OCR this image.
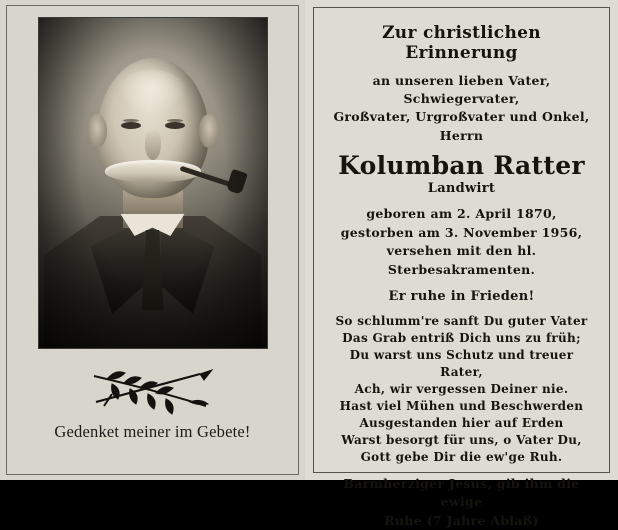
Gedenket meiner im Gebete!
Zur christlichen Erinnerung
an unseren lieben Vater, Schwiegervater,
Großvater, Urgroßvater und Onkel,
Herrn
Kolumban Ratter
Landwirt
geboren am 2. April 1870,
gestorben am 3. November 1956,
versehen mit den hl. Sterbesakramenten.
Er ruhe in Frieden!
So schlumm're sanft Du guter Vater
Das Grab entriß Dich uns zu früh;
Du warst uns Schutz und treuer Rater,
Ach, wir vergessen Deiner nie.
Hast viel Mühen und Beschwerden
Ausgestanden hier auf Erden
Warst besorgt für uns, o Vater Du,
Gott gebe Dir die ew'ge Ruh.
Barmherziger Jesus, gib ihm die ewige
Ruhe (7 Jahre Ablaß)
